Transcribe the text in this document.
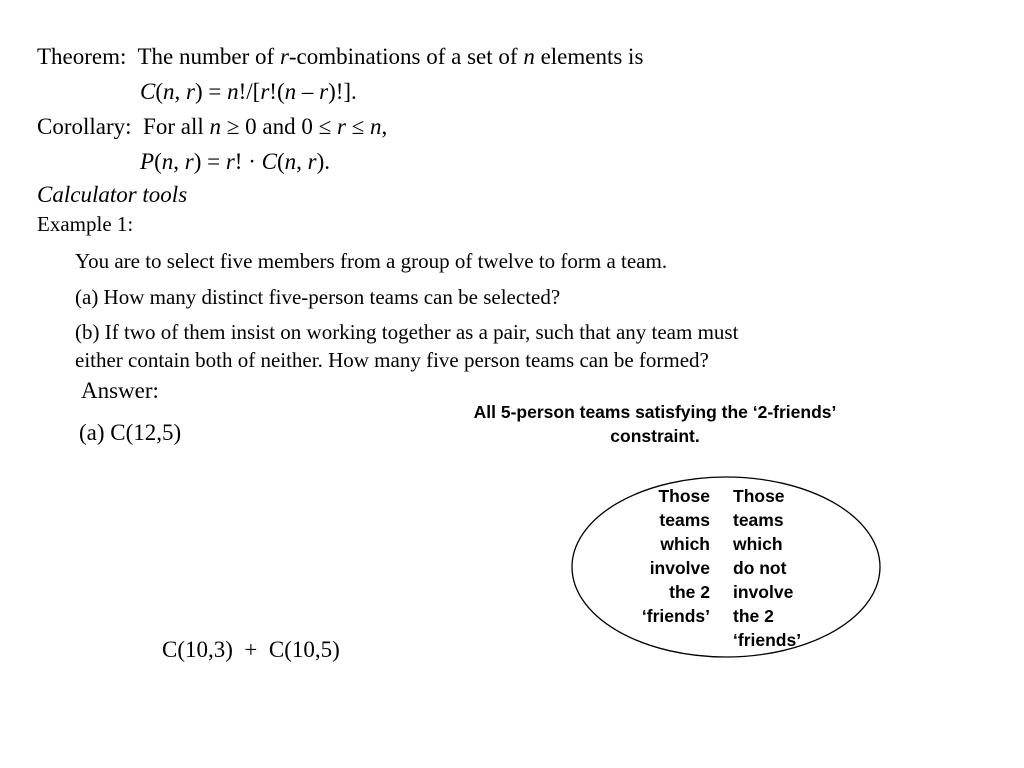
Theorem: The number of r-combinations of a set of n elements is
C(n, r) = n!/[r!(n – r)!].
Corollary: For all n ≥ 0 and 0 ≤ r ≤ n,
P(n, r) = r! · C(n, r).
Calculator tools
Example 1:
You are to select five members from a group of twelve to form a team.
(a) How many distinct five-person teams can be selected?
(b) If two of them insist on working together as a pair, such that any team must
either contain both of neither. How many five person teams can be formed?
Answer:
(a) C(12,5)
C(10,3)  +  C(10,5)
All 5-person teams satisfying the ‘2-friends’
constraint.
Those
teams
which
involve
the 2
‘friends’
Those
teams
which
do not
involve
the 2
‘friends’
